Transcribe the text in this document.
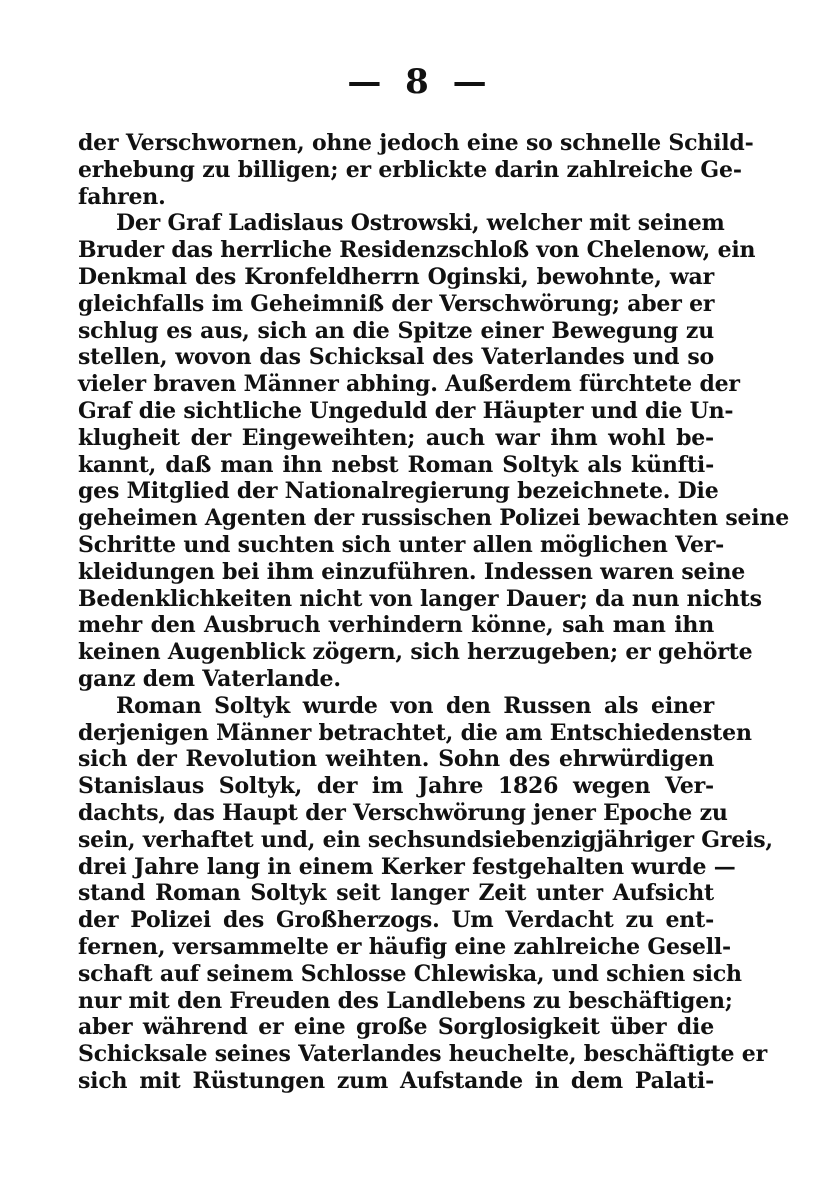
— 8 —
der Verschwornen, ohne jedoch eine so schnelle Schild-
erhebung zu billigen; er erblickte darin zahlreiche Ge-
fahren.
Der Graf Ladislaus Ostrowski, welcher mit seinem
Bruder das herrliche Residenzschloß von Chelenow, ein
Denkmal des Kronfeldherrn Oginski, bewohnte, war
gleichfalls im Geheimniß der Verschwörung; aber er
schlug es aus, sich an die Spitze einer Bewegung zu
stellen, wovon das Schicksal des Vaterlandes und so
vieler braven Männer abhing. Außerdem fürchtete der
Graf die sichtliche Ungeduld der Häupter und die Un-
klugheit der Eingeweihten; auch war ihm wohl be-
kannt, daß man ihn nebst Roman Soltyk als künfti-
ges Mitglied der Nationalregierung bezeichnete. Die
geheimen Agenten der russischen Polizei bewachten seine
Schritte und suchten sich unter allen möglichen Ver-
kleidungen bei ihm einzuführen. Indessen waren seine
Bedenklichkeiten nicht von langer Dauer; da nun nichts
mehr den Ausbruch verhindern könne, sah man ihn
keinen Augenblick zögern, sich herzugeben; er gehörte
ganz dem Vaterlande.
Roman Soltyk wurde von den Russen als einer
derjenigen Männer betrachtet, die am Entschiedensten
sich der Revolution weihten. Sohn des ehrwürdigen
Stanislaus Soltyk, der im Jahre 1826 wegen Ver-
dachts, das Haupt der Verschwörung jener Epoche zu
sein, verhaftet und, ein sechsundsiebenzigjähriger Greis,
drei Jahre lang in einem Kerker festgehalten wurde —
stand Roman Soltyk seit langer Zeit unter Aufsicht
der Polizei des Großherzogs. Um Verdacht zu ent-
fernen, versammelte er häufig eine zahlreiche Gesell-
schaft auf seinem Schlosse Chlewiska, und schien sich
nur mit den Freuden des Landlebens zu beschäftigen;
aber während er eine große Sorglosigkeit über die
Schicksale seines Vaterlandes heuchelte, beschäftigte er
sich mit Rüstungen zum Aufstande in dem Palati-
